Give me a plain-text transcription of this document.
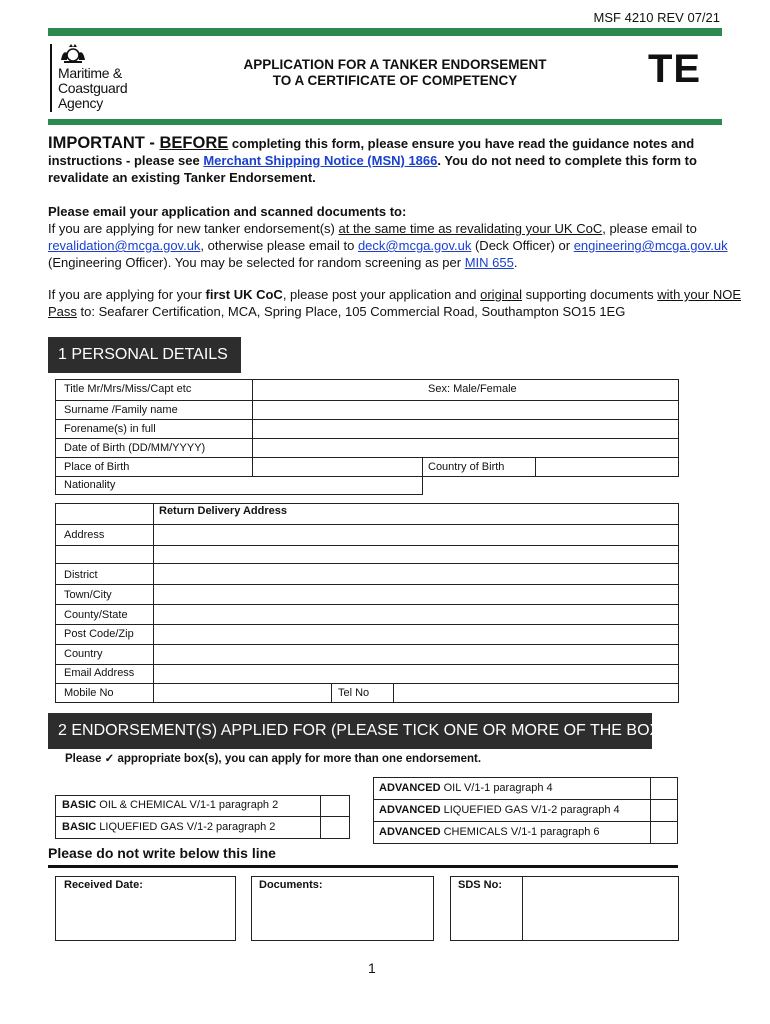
MSF 4210 REV 07/21
Maritime &
Coastguard
Agency
APPLICATION FOR A TANKER ENDORSEMENT
TO A CERTIFICATE OF COMPETENCY	TE
IMPORTANT - BEFORE completing this form, please ensure you have read the guidance notes and instructions - please see Merchant Shipping Notice (MSN) 1866. You do not need to complete this form to revalidate an existing Tanker Endorsement.
Please email your application and scanned documents to:
If you are applying for new tanker endorsement(s) at the same time as revalidating your UK CoC, please email to revalidation@mcga.gov.uk, otherwise please email to deck@mcga.gov.uk (Deck Officer) or engineering@mcga.gov.uk (Engineering Officer). You may be selected for random screening as per MIN 655.
If you are applying for your first UK CoC, please post your application and original supporting documents with your NOE Pass to: Seafarer Certification, MCA, Spring Place, 105 Commercial Road, Southampton SO15 1EG
1 PERSONAL DETAILS
Title Mr/Mrs/Miss/Capt etc	Sex: Male/Female
Surname /Family name
Forename(s) in full
Date of Birth (DD/MM/YYYY)
Place of Birth	Country of Birth
Nationality
Return Delivery Address
Address
District
Town/City
County/State
Post Code/Zip
Country
Email Address
Mobile No	Tel No
2 ENDORSEMENT(S) APPLIED FOR (PLEASE TICK ONE OR MORE OF THE BOXES BELOW)
Please ✓ appropriate box(s), you can apply for more than one endorsement.
BASIC OIL & CHEMICAL V/1-1 paragraph 2
BASIC LIQUEFIED GAS V/1-2 paragraph 2
ADVANCED OIL V/1-1 paragraph 4
ADVANCED LIQUEFIED GAS V/1-2 paragraph 4
ADVANCED CHEMICALS V/1-1 paragraph 6
Please do not write below this line
Received Date:	Documents:	SDS No:
1
